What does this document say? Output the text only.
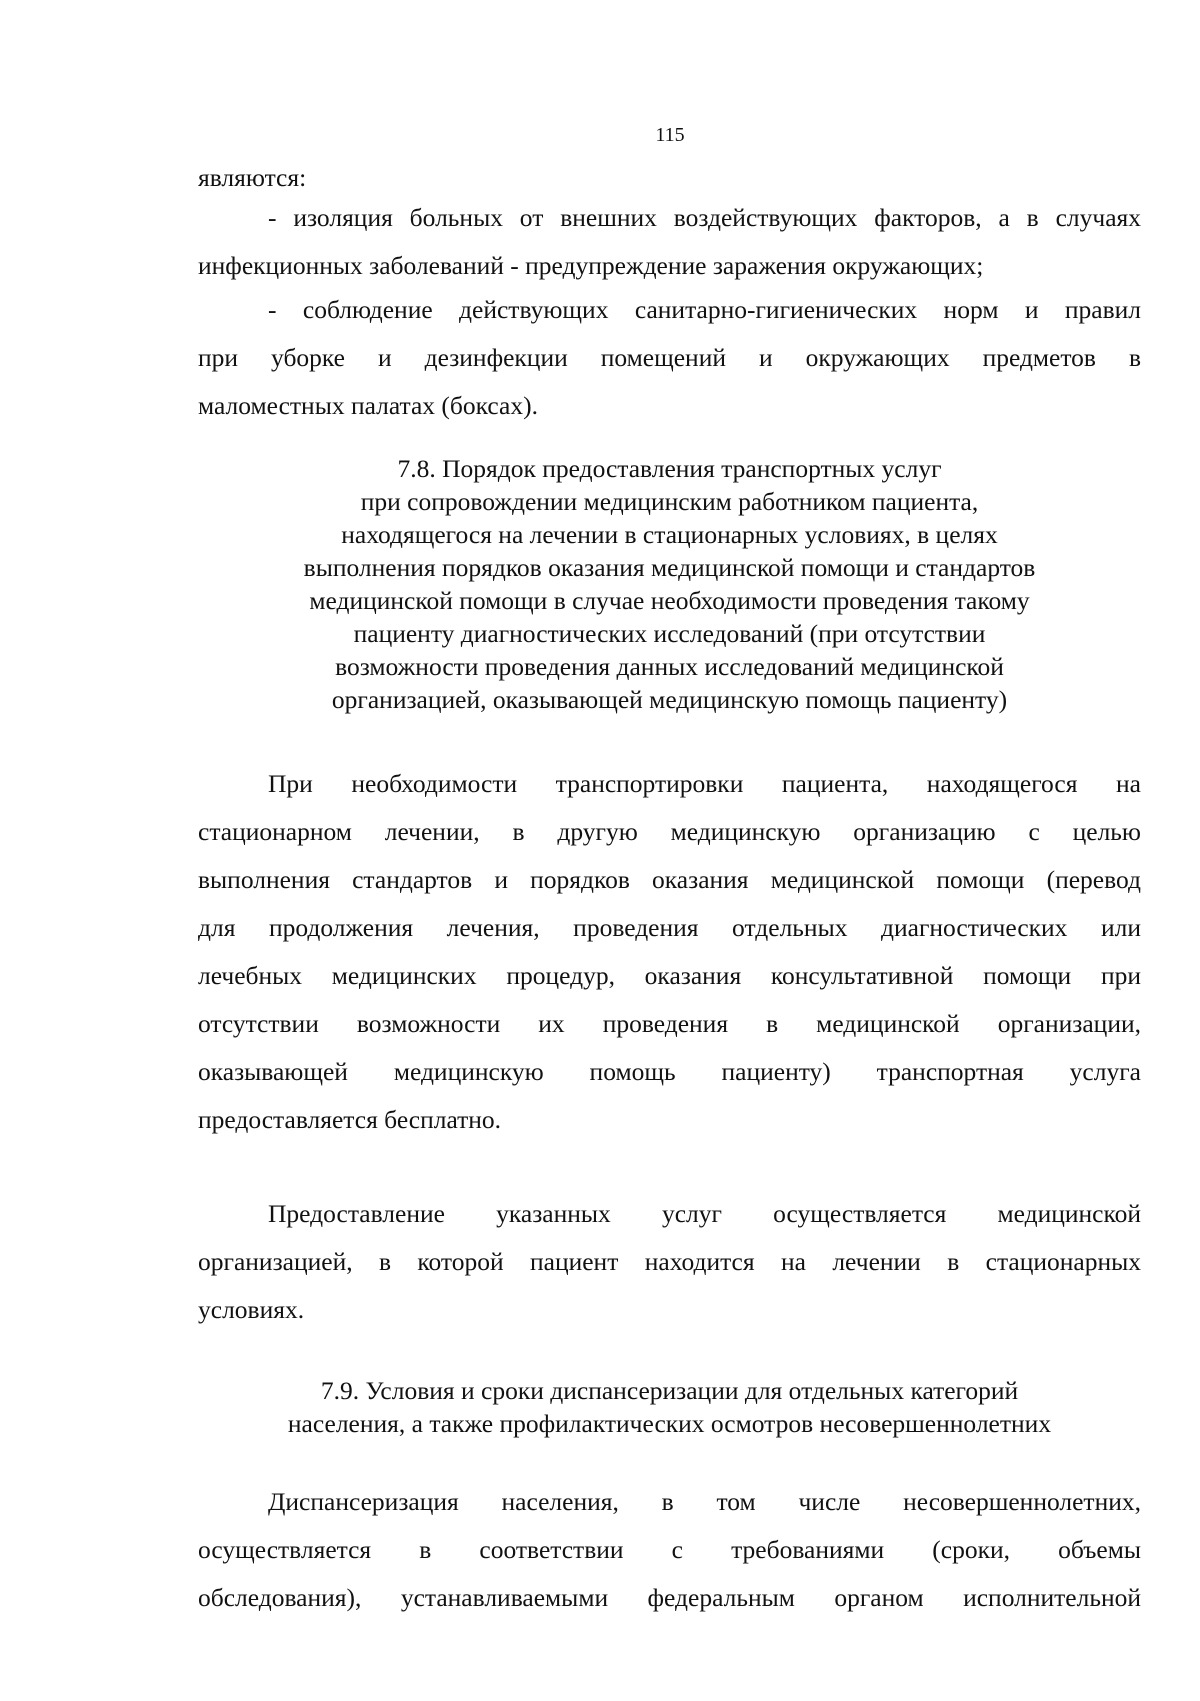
115
являются:
- изоляция больных от внешних воздействующих факторов, а в случаях
инфекционных заболеваний - предупреждение заражения окружающих;
- соблюдение действующих санитарно-гигиенических норм и правил
при уборке и дезинфекции помещений и окружающих предметов в
маломестных палатах (боксах).
7.8. Порядок предоставления транспортных услуг
при сопровождении медицинским работником пациента,
находящегося на лечении в стационарных условиях, в целях
выполнения порядков оказания медицинской помощи и стандартов
медицинской помощи в случае необходимости проведения такому
пациенту диагностических исследований (при отсутствии
возможности проведения данных исследований медицинской
организацией, оказывающей медицинскую помощь пациенту)
При необходимости транспортировки пациента, находящегося на
стационарном лечении, в другую медицинскую организацию с целью
выполнения стандартов и порядков оказания медицинской помощи (перевод
для продолжения лечения, проведения отдельных диагностических или
лечебных медицинских процедур, оказания консультативной помощи при
отсутствии возможности их проведения в медицинской организации,
оказывающей медицинскую помощь пациенту) транспортная услуга
предоставляется бесплатно.
Предоставление указанных услуг осуществляется медицинской
организацией, в которой пациент находится на лечении в стационарных
условиях.
7.9. Условия и сроки диспансеризации для отдельных категорий
населения, а также профилактических осмотров несовершеннолетних
Диспансеризация населения, в том числе несовершеннолетних,
осуществляется в соответствии с требованиями (сроки, объемы
обследования), устанавливаемыми федеральным органом исполнительной
